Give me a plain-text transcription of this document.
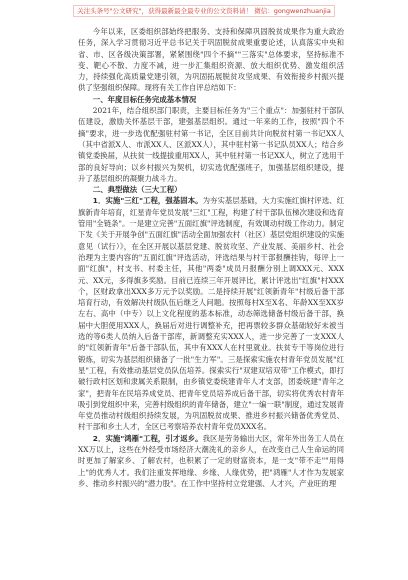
关注头条号"公文研究"，获得最新最全最专业的公文资料请！ 微信：gongwenzhuanjia

今年以来，区委组织部始终把服务、支持和保障巩固脱贫成果作为重大政治任务，深入学习贯彻习近平总书记关于巩固脱贫成果重要论述，认真落实中央和省、市、区各级决策部署，紧紧围绕"四个不摘""三落实"总体要求，坚持标准不变、靶心不散、力度不减，进一步汇集组织资源、放大组织优势、激发组织活力，持续强化高质量党建引领，为巩固拓展脱贫攻坚成果、有效衔接乡村振兴提供了坚强组织保障。现将有关工作自评总结如下：

一、年度目标任务完成基本情况

2021年，结合组织部门职责，主要目标任务为"三个重点"：加强驻村干部队伍建设，激励关怀基层干部，建强基层组织。通过一年来的工作，按照"四个不摘"要求，进一步选优配强驻村第一书记，全区目前共计向脱贫村第一书记XX人（其中省派X人、市派XX人、区派XX人），其中驻村第一书记队员XX人；结合乡镇党委换届，从扶贫一线提拔重用XX人，其中驻村第一书记XX人，树立了选用干部的良好导向；以乡村振兴为契机，切实选优配强班子，加强基层组织建设，提升了基层组织的凝聚力战斗力。

二、典型做法（三大工程）

1．实施"三红"工程，强基固本。为夯实基层基础，大力实施红旗村评选、红旗新青年培育，红星青年党员发展"三红"工程，构建了村干部队伍梯次建设和选育管用"全链条"。一是建立完善"五面红旗"评选制度，有效调动村级工作动力。制定下发《关于开展争创"五面红旗"活动全面加强农村（社区）基层党组织建设的实施意见（试行）》，在全区开展以基层党建、脱贫攻坚、产业发展、美丽乡村、社会治理为主要内容的"五面红旗"评选活动，评选结果与村干部报酬挂钩，每评上一面"红旗"，村支书、村委主任，其他"两委"成员月报酬分别上调XXX元、XXX元、XX元，多得旗多奖励。目前已连续三年开展评比，累计评选出"红旗"村XXX个，区财政拿出XXX多万元予以奖励。二是持续开展"红领新青年"村级后备干部培育行动，有效解决村级队伍后继乏人问题。按照每村X至X名、年龄XX至XX岁左右、高中（中专）以上文化程度的基本标准，动态筛选储备村级后备干部，换届中大胆使用XXX人，换届后对进行调整补充，把再票较多群众基础较好未被当选的等6类人员纳入后备干部库，新调整充实XXX人，进一步完善了一支XXX人的"红领新青年"后备干部队伍，其中有XXX人在村里就业。扶贫专干等岗位进行锻炼，切实为基层组织储备了一批"生力军"。三是探索实施农村青年党员发展"红星"工程，有效推动基层党员队伍培养。探索实行"双建双培双带"工作模式，即打破行政村区划和隶属关系限制，由乡镇党委统建青年人才支部，团委统建"青年之家"，把青年在民培养成党员、把青年党员培养成后备干部，切实将优秀农村青年吸引到党组织中来，完善村级组织的青年储备，建立"一编一联"制度，通过发展青年党员推动村级组织持续发展，为巩固脱贫成果、推进乡村振兴储备优秀党员、村干部和乡土人才，全区已考察培养农村青年党员XXX名。

2．实施"鸿雁"工程，引才返乡。我区是劳务输出大区，常年外出务工人员在XX万以上，这些在外经受市场经济大潮洗礼的亲乡人，在改变自己人生命运的同时更加了解家乡、了解农村，也积累了一定的财富资本，是一支"带不走""用得上"的优秀人才。我们注重发挥地缘、乡缘、人缘优势，把"鸿雁"人才作为发展家乡、推动乡村振兴的"潜力股"。在工作中坚持村立党建强、人才兴，产业旺的理
